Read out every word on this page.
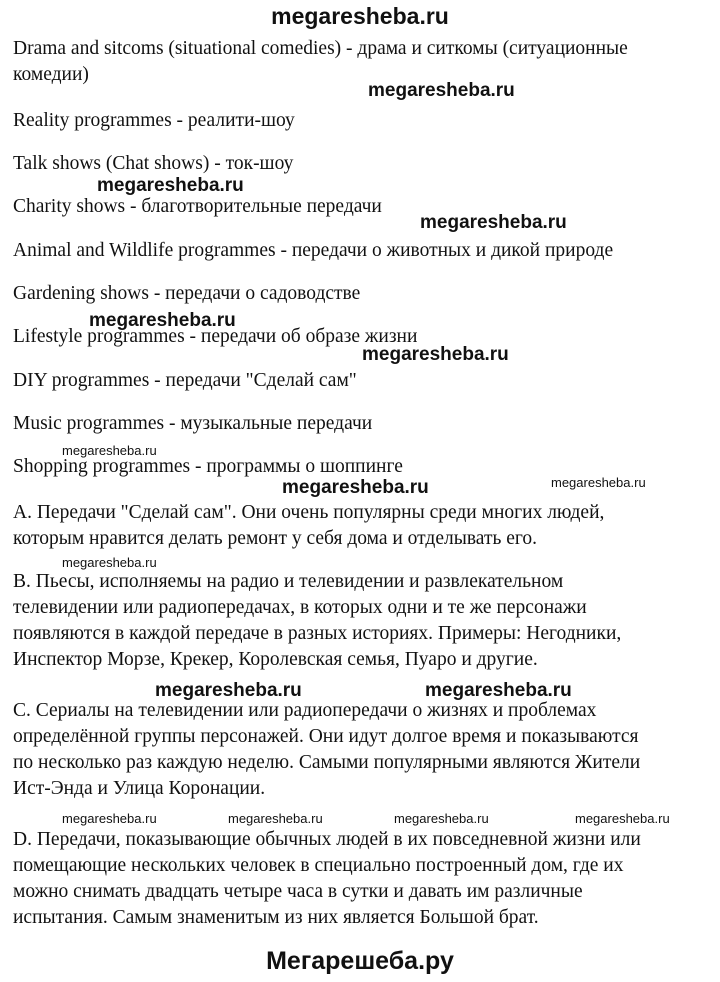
megaresheba.ru
Drama and sitcoms (situational comedies) - драма и ситкомы (ситуационные
комедии)
Reality programmes - реалити-шоу
Talk shows (Chat shows) - ток-шоу
Charity shows - благотворительные передачи
Animal and Wildlife programmes - передачи о животных и дикой природе
Gardening shows - передачи о садоводстве
Lifestyle programmes - передачи об образе жизни
DIY programmes - передачи "Сделай сам"
Music programmes - музыкальные передачи
Shopping programmes - программы о шоппинге
A. Передачи "Сделай сам". Они очень популярны среди многих людей,
которым нравится делать ремонт у себя дома и отделывать его.
B. Пьесы, исполняемы на радио и телевидении и развлекательном
телевидении или радиопередачах, в которых одни и те же персонажи
появляются в каждой передаче в разных историях. Примеры: Негодники,
Инспектор Морзе, Крекер, Королевская семья, Пуаро и другие.
C. Сериалы на телевидении или радиопередачи о жизнях и проблемах
определённой группы персонажей. Они идут долгое время и показываются
по несколько раз каждую неделю. Самыми популярными являются Жители
Ист-Энда и Улица Коронации.
D. Передачи, показывающие обычных людей в их повседневной жизни или
помещающие нескольких человек в специально построенный дом, где их
можно снимать двадцать четыре часа в сутки и давать им различные
испытания. Самым знаменитым из них является Большой брат.
megaresheba.ru
megaresheba.ru
megaresheba.ru
megaresheba.ru
megaresheba.ru
megaresheba.ru
megaresheba.ru	megaresheba.ru
megaresheba.ru
megaresheba.ru	megaresheba.ru
megaresheba.ru	megaresheba.ru	megaresheba.ru	megaresheba.ru
Мегарешеба.ру
